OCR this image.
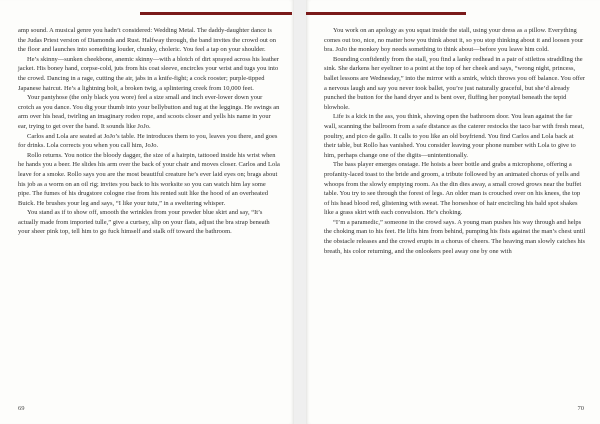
amp sound. A musical genre you hadn’t considered: Wedding Metal. The daddy-daughter dance is the Judas Priest version of Diamonds and Rust. Halfway through, the band invites the crowd out on the floor and launches into something louder, chunky, choleric. You feel a tap on your shoulder.

He’s skinny—sunken cheekbone, anemic skinny—with a blotch of dirt sprayed across his leather jacket. His boney hand, corpse-cold, juts from his coat sleeve, encircles your wrist and tugs you into the crowd. Dancing in a rage, cutting the air, jabs in a knife-fight; a cock rooster; purple-tipped Japanese haircut. He’s a lightning bolt, a broken twig, a splintering creek from 10,000 feet.

Your pantyhose (the only black you wore) feel a size small and inch ever-lower down your crotch as you dance. You dig your thumb into your bellybutton and tug at the leggings. He swings an arm over his head, twirling an imaginary rodeo rope, and scoots closer and yells his name in your ear, trying to get over the band. It sounds like JoJo.

Carlos and Lola are seated at JoJo’s table. He introduces them to you, leaves you there, and goes for drinks. Lola corrects you when you call him, JoJo.

Rollo returns. You notice the bloody dagger, the size of a hairpin, tattooed inside his wrist when he hands you a beer. He slides his arm over the back of your chair and moves closer. Carlos and Lola leave for a smoke. Rollo says you are the most beautiful creature he’s ever laid eyes on; brags about his job as a worm on an oil rig; invites you back to his worksite so you can watch him lay some pipe. The fumes of his drugstore cologne rise from his rented suit like the hood of an overheated Buick. He brushes your leg and says, “I like your tutu,” in a sweltering whisper.

You stand as if to show off, smooth the wrinkles from your powder blue skirt and say, “It’s actually made from imported tulle,” give a curtsey, slip on your flats, adjust the bra strap beneath your sheer pink top, tell him to go fuck himself and stalk off toward the bathroom.

69

You work on an apology as you squat inside the stall, using your dress as a pillow. Everything comes out too, nice, no matter how you think about it, so you stop thinking about it and loosen your bra. JoJo the monkey boy needs something to think about—before you leave him cold.

Bounding confidently from the stall, you find a lanky redhead in a pair of stilettos straddling the sink. She darkens her eyeliner to a point at the top of her cheek and says, “wrong night, princess, ballet lessons are Wednesday,” into the mirror with a smirk, which throws you off balance. You offer a nervous laugh and say you never took ballet, you’re just naturally graceful, but she’d already punched the button for the hand dryer and is bent over, fluffing her ponytail beneath the tepid blowhole.

Life is a kick in the ass, you think, shoving open the bathroom door. You lean against the far wall, scanning the ballroom from a safe distance as the caterer restocks the taco bar with fresh meat, poultry, and pico de gallo. It calls to you like an old boyfriend. You find Carlos and Lola back at their table, but Rollo has vanished. You consider leaving your phone number with Lola to give to him, perhaps change one of the digits—unintentionally.

The bass player emerges onstage. He hoists a beer bottle and grabs a microphone, offering a profanity-laced toast to the bride and groom, a tribute followed by an animated chorus of yells and whoops from the slowly emptying room. As the din dies away, a small crowd grows near the buffet table. You try to see through the forest of legs. An older man is crouched over on his knees, the top of his head blood red, glistening with sweat. The horseshoe of hair encircling his bald spot shakes like a grass skirt with each convulsion. He’s choking.

“I’m a paramedic,” someone in the crowd says. A young man pushes his way through and helps the choking man to his feet. He lifts him from behind, pumping his fists against the man’s chest until the obstacle releases and the crowd erupts in a chorus of cheers. The heaving man slowly catches his breath, his color returning, and the onlookers peel away one by one with

70
